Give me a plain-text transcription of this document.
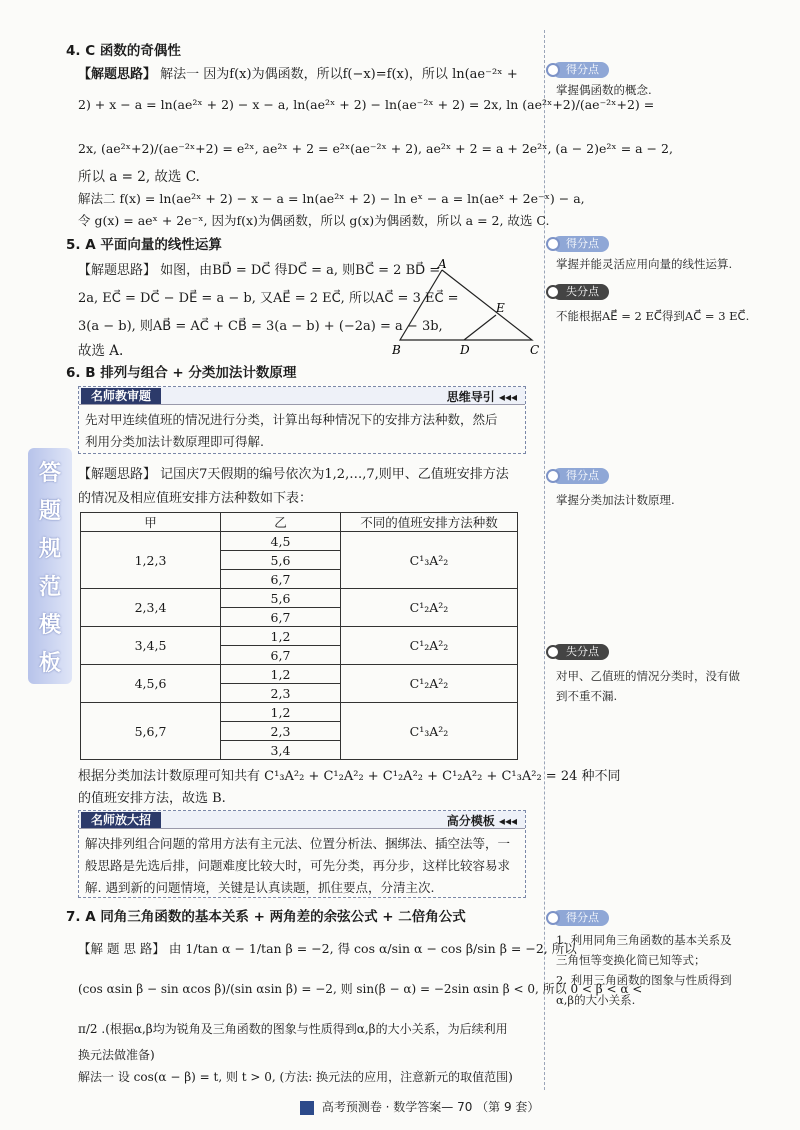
答
题
规
范
模
板
4. C 函数的奇偶性
【解题思路】 解法一 因为f(x)为偶函数，所以f(−x)=f(x)，所以 ln(ae⁻²ˣ +
2) + x − a = ln(ae²ˣ + 2) − x − a, ln(ae²ˣ + 2) − ln(ae⁻²ˣ + 2) = 2x, ln (ae²ˣ+2)/(ae⁻²ˣ+2) =
2x, (ae²ˣ+2)/(ae⁻²ˣ+2) = e²ˣ, ae²ˣ + 2 = e²ˣ(ae⁻²ˣ + 2), ae²ˣ + 2 = a + 2e²ˣ, (a − 2)e²ˣ = a − 2,
所以 a = 2, 故选 C.
解法二 f(x) = ln(ae²ˣ + 2) − x − a = ln(ae²ˣ + 2) − ln eˣ − a = ln(aeˣ + 2e⁻ˣ) − a,
令 g(x) = aeˣ + 2e⁻ˣ, 因为f(x)为偶函数，所以 g(x)为偶函数，所以 a = 2, 故选 C.
5. A 平面向量的线性运算
【解题思路】 如图，由BD⃗ = DC⃗ 得DC⃗ = a, 则BC⃗ = 2 BD⃗ =
2a, EC⃗ = DC⃗ − DE⃗ = a − b, 又AE⃗ = 2 EC⃗, 所以AC⃗ = 3 EC⃗ =
3(a − b), 则AB⃗ = AC⃗ + CB⃗ = 3(a − b) + (−2a) = a − 3b,
故选 A.
A
B	C
D
E
6. B 排列与组合 + 分类加法计数原理
名师教审题	思维导引 ◂◂◂
先对甲连续值班的情况进行分类，计算出每种情况下的安排方法种数，然后
利用分类加法计数原理即可得解.
【解题思路】 记国庆7天假期的编号依次为1,2,…,7,则甲、乙值班安排方法
的情况及相应值班安排方法种数如下表：
甲	乙	不同的值班安排方法种数
1,2,3	4,5	C¹₃A²₂
	5,6	
	6,7	
2,3,4	5,6	C¹₂A²₂
	6,7	
3,4,5	1,2	C¹₂A²₂
	6,7	
4,5,6	1,2	C¹₂A²₂
	2,3	
5,6,7	1,2	C¹₃A²₂
	2,3	
	3,4	
根据分类加法计数原理可知共有 C¹₃A²₂ + C¹₂A²₂ + C¹₂A²₂ + C¹₂A²₂ + C¹₃A²₂ = 24 种不同
的值班安排方法，故选 B.
名师放大招	高分模板 ◂◂◂
解决排列组合问题的常用方法有主元法、位置分析法、捆绑法、插空法等，一
般思路是先选后排，问题难度比较大时，可先分类，再分步，这样比较容易求
解. 遇到新的问题情境，关键是认真读题，抓住要点，分清主次.
7. A 同角三角函数的基本关系 + 两角差的余弦公式 + 二倍角公式
【解 题 思 路】 由 1/tan α − 1/tan β = −2, 得 cos α/sin α − cos β/sin β = −2, 所以
(cos αsin β − sin αcos β)/(sin αsin β) = −2, 则 sin(β − α) = −2sin αsin β < 0, 所以 0 < β < α <
π/2 .(根据α,β均为锐角及三角函数的图象与性质得到α,β的大小关系，为后续利用
换元法做准备)
解法一 设 cos(α − β) = t, 则 t > 0, (方法: 换元法的应用，注意新元的取值范围)
得分点
掌握偶函数的概念.
得分点
掌握并能灵活应用向量的线性运算.
失分点
不能根据AE⃗ = 2 EC⃗得到AC⃗ = 3 EC⃗.
得分点
掌握分类加法计数原理.
失分点
对甲、乙值班的情况分类时，没有做
到不重不漏.
得分点
1. 利用同角三角函数的基本关系及
三角恒等变换化简已知等式；
2. 利用三角函数的图象与性质得到
α,β的大小关系.
高考预测卷 · 数学答案— 70 （第 9 套）
